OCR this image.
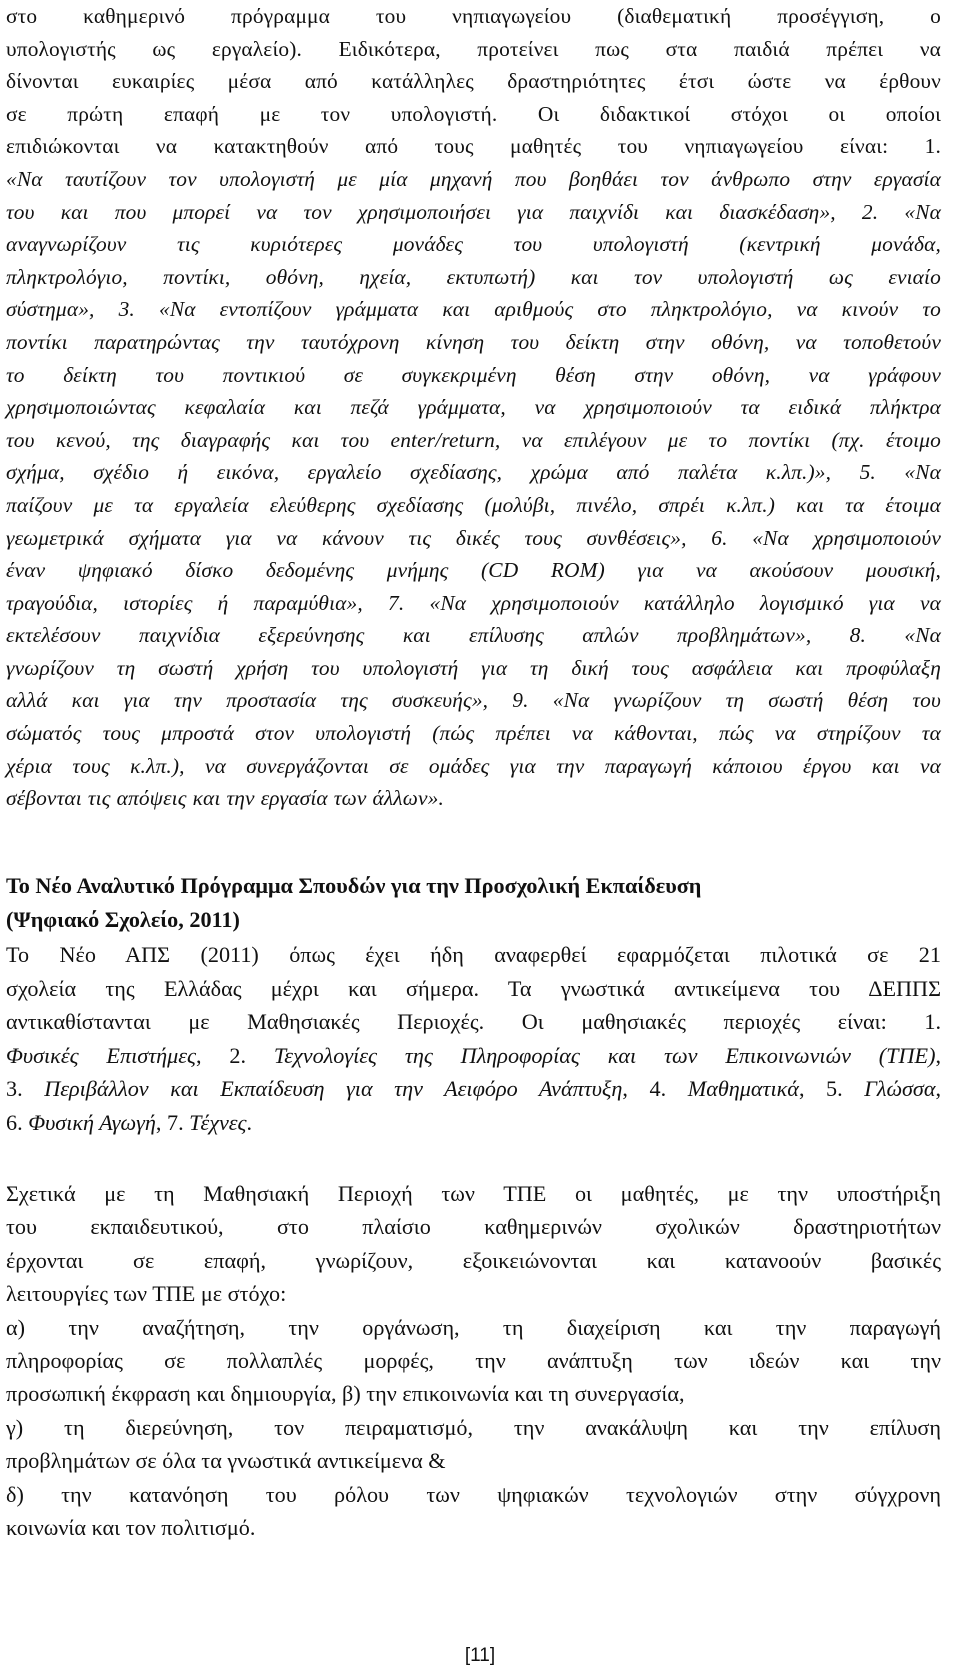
στο καθημερινό πρόγραμμα του νηπιαγωγείου (διαθεματική προσέγγιση, ο
υπολογιστής ως εργαλείο). Ειδικότερα, προτείνει πως στα παιδιά πρέπει να
δίνονται ευκαιρίες μέσα από κατάλληλες δραστηριότητες έτσι ώστε να έρθουν
σε πρώτη επαφή με τον υπολογιστή. Οι διδακτικοί στόχοι οι οποίοι
επιδιώκονται να κατακτηθούν από τους μαθητές του νηπιαγωγείου είναι: 1.
«Να ταυτίζουν τον υπολογιστή με μία μηχανή που βοηθάει τον άνθρωπο στην εργασία
του και που μπορεί να τον χρησιμοποιήσει για παιχνίδι και διασκέδαση», 2. «Να
αναγνωρίζουν τις κυριότερες μονάδες του υπολογιστή (κεντρική μονάδα,
πληκτρολόγιο, ποντίκι, οθόνη, ηχεία, εκτυπωτή) και τον υπολογιστή ως ενιαίο
σύστημα», 3. «Να εντοπίζουν γράμματα και αριθμούς στο πληκτρολόγιο, να κινούν το
ποντίκι παρατηρώντας την ταυτόχρονη κίνηση του δείκτη στην οθόνη, να τοποθετούν
το δείκτη του ποντικιού σε συγκεκριμένη θέση στην οθόνη, να γράφουν
χρησιμοποιώντας κεφαλαία και πεζά γράμματα, να χρησιμοποιούν τα ειδικά πλήκτρα
του κενού, της διαγραφής και του enter/return, να επιλέγουν με το ποντίκι (πχ. έτοιμο
σχήμα, σχέδιο ή εικόνα, εργαλείο σχεδίασης, χρώμα από παλέτα κ.λπ.)», 5. «Να
παίζουν με τα εργαλεία ελεύθερης σχεδίασης (μολύβι, πινέλο, σπρέι κ.λπ.) και τα έτοιμα
γεωμετρικά σχήματα για να κάνουν τις δικές τους συνθέσεις», 6. «Να χρησιμοποιούν
έναν ψηφιακό δίσκο δεδομένης μνήμης (CD ROM) για να ακούσουν μουσική,
τραγούδια, ιστορίες ή παραμύθια», 7. «Να χρησιμοποιούν κατάλληλο λογισμικό για να
εκτελέσουν παιχνίδια εξερεύνησης και επίλυσης απλών προβλημάτων», 8. «Να
γνωρίζουν τη σωστή χρήση του υπολογιστή για τη δική τους ασφάλεια και προφύλαξη
αλλά και για την προστασία της συσκευής», 9. «Να γνωρίζουν τη σωστή θέση του
σώματός τους μπροστά στον υπολογιστή (πώς πρέπει να κάθονται, πώς να στηρίζουν τα
χέρια τους κ.λπ.), να συνεργάζονται σε ομάδες για την παραγωγή κάποιου έργου και να
σέβονται τις απόψεις και την εργασία των άλλων».
Το Νέο Αναλυτικό Πρόγραμμα Σπουδών για την Προσχολική Εκπαίδευση
(Ψηφιακό Σχολείο, 2011)
Το Νέο ΑΠΣ (2011) όπως έχει ήδη αναφερθεί εφαρμόζεται πιλοτικά σε 21
σχολεία της Ελλάδας μέχρι και σήμερα. Τα γνωστικά αντικείμενα του ΔΕΠΠΣ
αντικαθίστανται με Μαθησιακές Περιοχές. Οι μαθησιακές περιοχές είναι: 1.
Φυσικές Επιστήμες, 2. Τεχνολογίες της Πληροφορίας και των Επικοινωνιών (ΤΠΕ),
3. Περιβάλλον και Εκπαίδευση για την Αειφόρο Ανάπτυξη, 4. Μαθηματικά, 5. Γλώσσα,
6. Φυσική Αγωγή, 7. Τέχνες.
Σχετικά με τη Μαθησιακή Περιοχή των ΤΠΕ οι μαθητές, με την υποστήριξη
του εκπαιδευτικού, στο πλαίσιο καθημερινών σχολικών δραστηριοτήτων
έρχονται σε επαφή, γνωρίζουν, εξοικειώνονται και κατανοούν βασικές
λειτουργίες των ΤΠΕ με στόχο:
α) την αναζήτηση, την οργάνωση, τη διαχείριση και την παραγωγή
πληροφορίας σε πολλαπλές μορφές, την ανάπτυξη των ιδεών και την
προσωπική έκφραση και δημιουργία, β) την επικοινωνία και τη συνεργασία,
γ) τη διερεύνηση, τον πειραματισμό, την ανακάλυψη και την επίλυση
προβλημάτων σε όλα τα γνωστικά αντικείμενα &
δ) την κατανόηση του ρόλου των ψηφιακών τεχνολογιών στην σύγχρονη
κοινωνία και τον πολιτισμό.
[11]
